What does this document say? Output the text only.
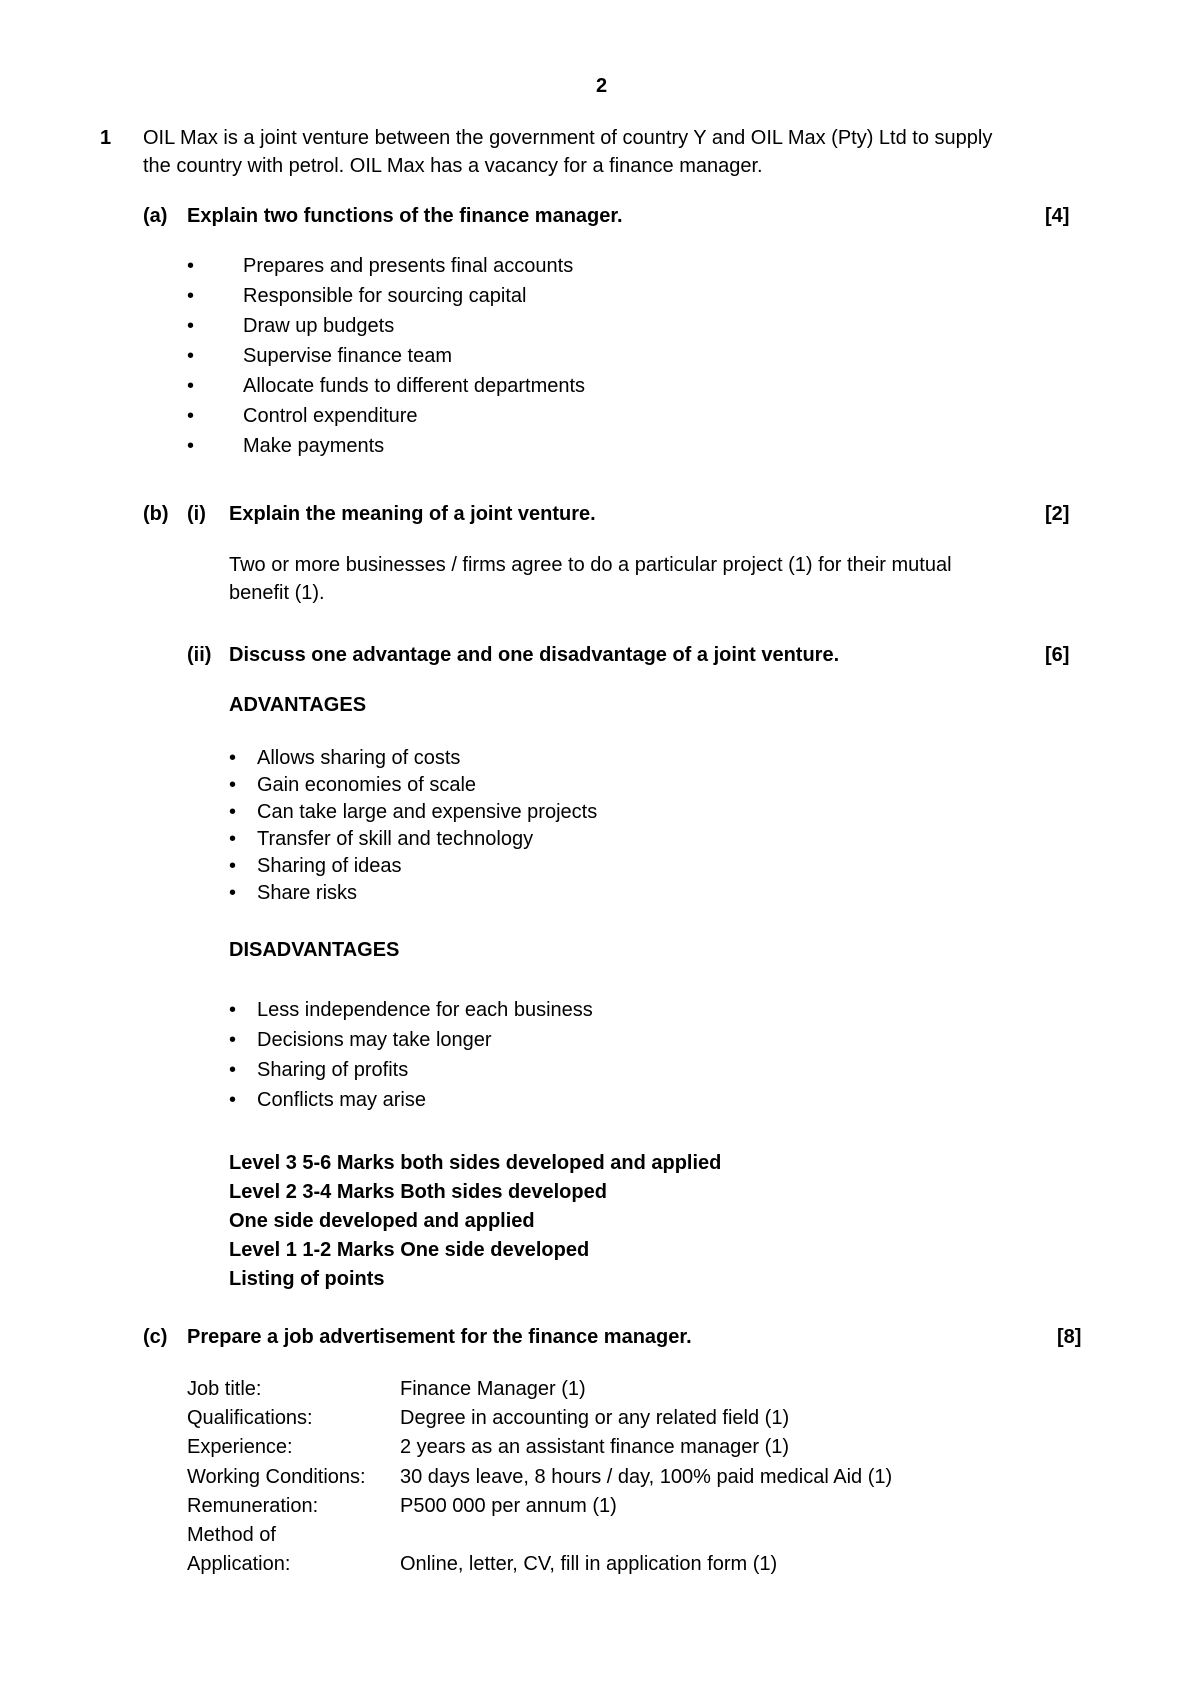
2
1 OIL Max is a joint venture between the government of country Y and OIL Max (Pty) Ltd to supply
the country with petrol. OIL Max has a vacancy for a finance manager.
(a) Explain two functions of the finance manager.	[4]
• Prepares and presents final accounts
• Responsible for sourcing capital
• Draw up budgets
• Supervise finance team
• Allocate funds to different departments
• Control expenditure
• Make payments
(b) (i) Explain the meaning of a joint venture.	[2]
Two or more businesses / firms agree to do a particular project (1) for their mutual
benefit (1).
(ii) Discuss one advantage and one disadvantage of a joint venture.	[6]
ADVANTAGES
• Allows sharing of costs
• Gain economies of scale
• Can take large and expensive projects
• Transfer of skill and technology
• Sharing of ideas
• Share risks
DISADVANTAGES
• Less independence for each business
• Decisions may take longer
• Sharing of profits
• Conflicts may arise
Level 3 5-6 Marks both sides developed and applied
Level 2 3-4 Marks Both sides developed
One side developed and applied
Level 1 1-2 Marks One side developed
Listing of points
(c) Prepare a job advertisement for the finance manager.	[8]
Job title:	Finance Manager (1)
Qualifications:	Degree in accounting or any related field (1)
Experience:	2 years as an assistant finance manager (1)
Working Conditions: 30 days leave, 8 hours / day, 100% paid medical Aid (1)
Remuneration:	P500 000 per annum (1)
Method of
Application:	Online, letter, CV, fill in application form (1)
